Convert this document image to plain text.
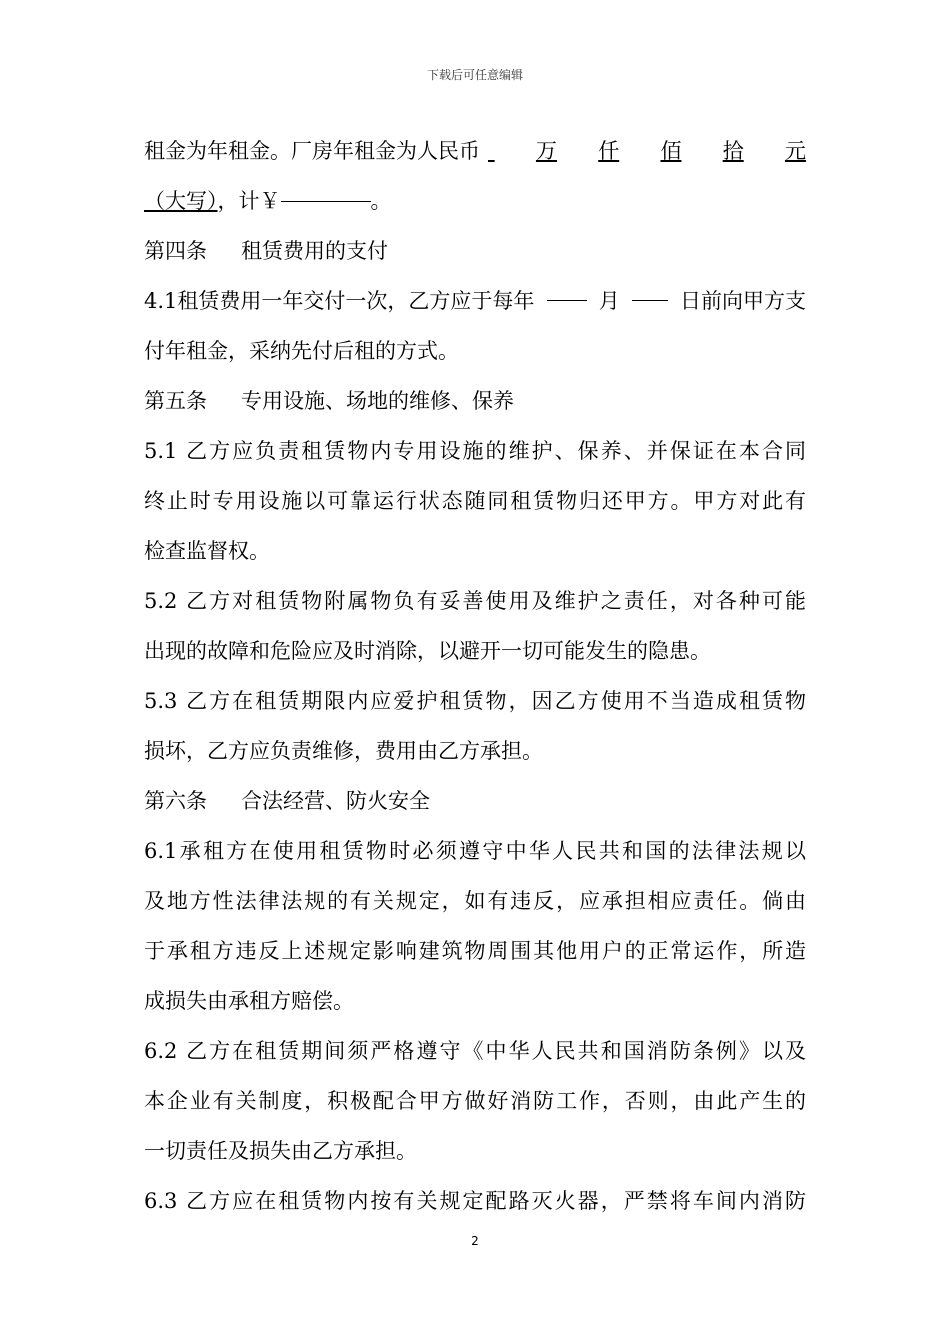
下载后可任意编辑
租金为年租金。厂房年租金为人民币
	万 仟 佰 拾 元
（大写），计￥	。
第四条 租赁费用的支付
4.1租赁费用一年交付一次，乙方应于每年	月	日前向甲方支
付年租金，采纳先付后租的方式。
第五条 专用设施、场地的维修、保养
5.1 乙方应负责租赁物内专用设施的维护、保养、并保证在本合同
终止时专用设施以可靠运行状态随同租赁物归还甲方。甲方对此有
检查监督权。
5.2 乙方对租赁物附属物负有妥善使用及维护之责任，对各种可能
出现的故障和危险应及时消除，以避开一切可能发生的隐患。
5.3 乙方在租赁期限内应爱护租赁物，因乙方使用不当造成租赁物
损坏，乙方应负责维修，费用由乙方承担。
第六条 合法经营、防火安全
6.1承租方在使用租赁物时必须遵守中华人民共和国的法律法规以
及地方性法律法规的有关规定，如有违反，应承担相应责任。倘由
于承租方违反上述规定影响建筑物周围其他用户的正常运作，所造
成损失由承租方赔偿。
6.2 乙方在租赁期间须严格遵守《中华人民共和国消防条例》以及
本企业有关制度，积极配合甲方做好消防工作，否则，由此产生的
一切责任及损失由乙方承担。
6.3 乙方应在租赁物内按有关规定配路灭火器，严禁将车间内消防
2
